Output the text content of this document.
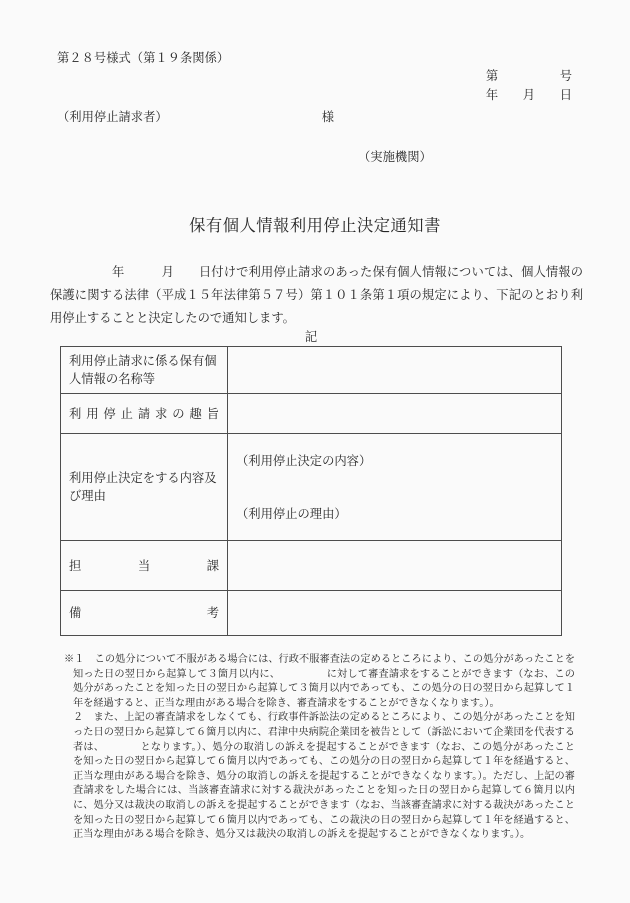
第２８号様式（第１９条関係）
第　　　　　号
年　　月　　日
（利用停止請求者）	様
（実施機関）
保有個人情報利用停止決定通知書
　　　　　年　　　月　　日付けで利用停止請求のあった保有個人情報については、個人情報の保護に関する法律（平成１５年法律第５７号）第１０１条第１項の規定により、下記のとおり利用停止することと決定したので通知します。
記
利用停止請求に係る保有個人情報の名称等	

利用停止請求の趣旨	

利用停止決定をする内容及び理由	（利用停止決定の内容）
（利用停止の理由）

担当課	

備考	

※１　この処分について不服がある場合には、行政不服審査法の定めるところにより、この処分があったことを知った日の翌日から起算して３箇月以内に、　　　　　に対して審査請求をすることができます（なお、この処分があったことを知った日の翌日から起算して３箇月以内であっても、この処分の日の翌日から起算して１年を経過すると、正当な理由がある場合を除き、審査請求をすることができなくなります。）。
２　また、上記の審査請求をしなくても、行政事件訴訟法の定めるところにより、この処分があったことを知った日の翌日から起算して６箇月以内に、君津中央病院企業団を被告として（訴訟において企業団を代表する者は、　　　　となります。）、処分の取消しの訴えを提起することができます（なお、この処分があったことを知った日の翌日から起算して６箇月以内であっても、この処分の日の翌日から起算して１年を経過すると、正当な理由がある場合を除き、処分の取消しの訴えを提起することができなくなります。）。ただし、上記の審査請求をした場合には、当該審査請求に対する裁決があったことを知った日の翌日から起算して６箇月以内に、処分又は裁決の取消しの訴えを提起することができます（なお、当該審査請求に対する裁決があったことを知った日の翌日から起算して６箇月以内であっても、この裁決の日の翌日から起算して１年を経過すると、正当な理由がある場合を除き、処分又は裁決の取消しの訴えを提起することができなくなります。）。
